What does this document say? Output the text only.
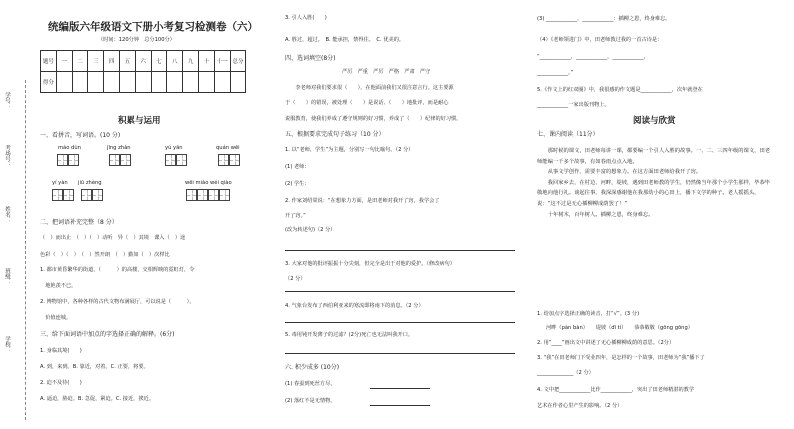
学号：
考场号：
姓名：
班级：
学校：
统编版六年级语文下册小考复习检测卷（六）
（时间：120分钟　总分100分）
题号	一	二	三	四	五	六	七	八	九	十	十一	总分
得分												
积累与运用
一、看拼音，写词语。(10 分)
máo dùn	jīng zhàn	yú yān	quán wēi
yí yàn jiū zhèng	wēi miào wéi qiào
二、把词语补充完整（8 分）
（　）而出止　（　）（　）动听　异（　）其境　谍入（　）途
色彩（　）（　）　（　）然开朗　（　）勤如（　）次栉比
1. 都市黄昏繁华的街道，（　　　）的高楼，交相辉映的霓虹灯，令
　地艳羡不已。
2. 博物馆中，各种各样的古代文物布满展厅，可以说是（　　　），
　价值连城。
三、给下面词语中加点的字选择正确的解释。(6分)
1. 身临其境(　　)
A. 到，来到。B. 靠近，对着。C. 正要，将要。
2. 迫不及待(　　)
A. 逼迫，胁迫。B. 急促，紧迫。C. 接近，挨近。
3. 引人入胜(　　)
A. 胜过，超过。　B. 能承担，禁得住。　C. 优美的。
四、选词填空(8分)
严厉　严重　严厉　严格　严肃　严守
　　李老师对我们要求很（　　），在他面前我们又很注意言行。这主要源
于（　　）的错误，被处理（　　）是说话、（　　）地批评，而是耐心
说服教育，使我们养成了遵守规则的好习惯，养成了（　　）纪律的好习惯。
五、根据要求完成句子练习（10 分）
1. 以“老师，学生”为主题，分别写一句比喻句。（2 分）
(1) 老师：
(2) 学生：
2. 作家刘绍棠说：“在想象力方面，是田老师对我开了窍，我学会了
开了窍。”
(改为转述句)（2 分）
3. 大家对他的批评振振十分尖刻，但完全是出于对他的爱护。（修改病句）
（2 分）
4. 气象台发布了西伯利亚来的寒流即将南下的消息。（2 分）
5. 毒用钝开发薄子的过滤？(2分)死亡也无法叫我开口。
六. 积少成多 (10分)
(1) 春蚕到死丝方尽，
(2) 落红不是无情物，
(3) ____________，____________：插柳之恩，终身难忘。
（4）《老师领进门》中，田老师教过我的一首古诗是：
“____________，____________，____________，
____________。”
5.《作文上的红双圈》中，我很感的作文题是____________，次年就登在
____________一家出版刊物上。
阅读与欣赏
七、课内阅读（11分）
　　那时候的课文，田老师每讲一课，都要编一个引人入胜的故事。一、二、三四年级的课文，田老师能编一千多个故事，有如春雨点点入地。
　　从事文学创作，需要丰富的想象力。在这方面田老师给我开了窍。
　　我回家乡去，在村边、河畔，堤坡，遇到田老师教的学生，仍然像当年那个小学生那样，毕恭毕敬地向他行礼。谈起往事，我深深感谢他在我那幼小的心田上，播下文学的种子。老人摇摇头，说：“这不过是无心插柳柳成荫罢了！”
　　十年树木，百年树人。插柳之恩，终身难忘。
1. 给加点字选择正确的读音，打“√”。(3 分)
河畔（pàn bàn）　　堤坡（dī tí）　　恭恭敬敬（gōng gōng）
2. 用“____”画出文中讲述了无心插柳柳成荫的意思。（2分）
3. “我”在田老师门下受业四年，是怎样的一个故事，田老师为“我”播下了
______________（2 分）
4. 文中把____________比作____________，突出了田老师精湛的教学
艺术在作者心里产生的影响。（2 分）
